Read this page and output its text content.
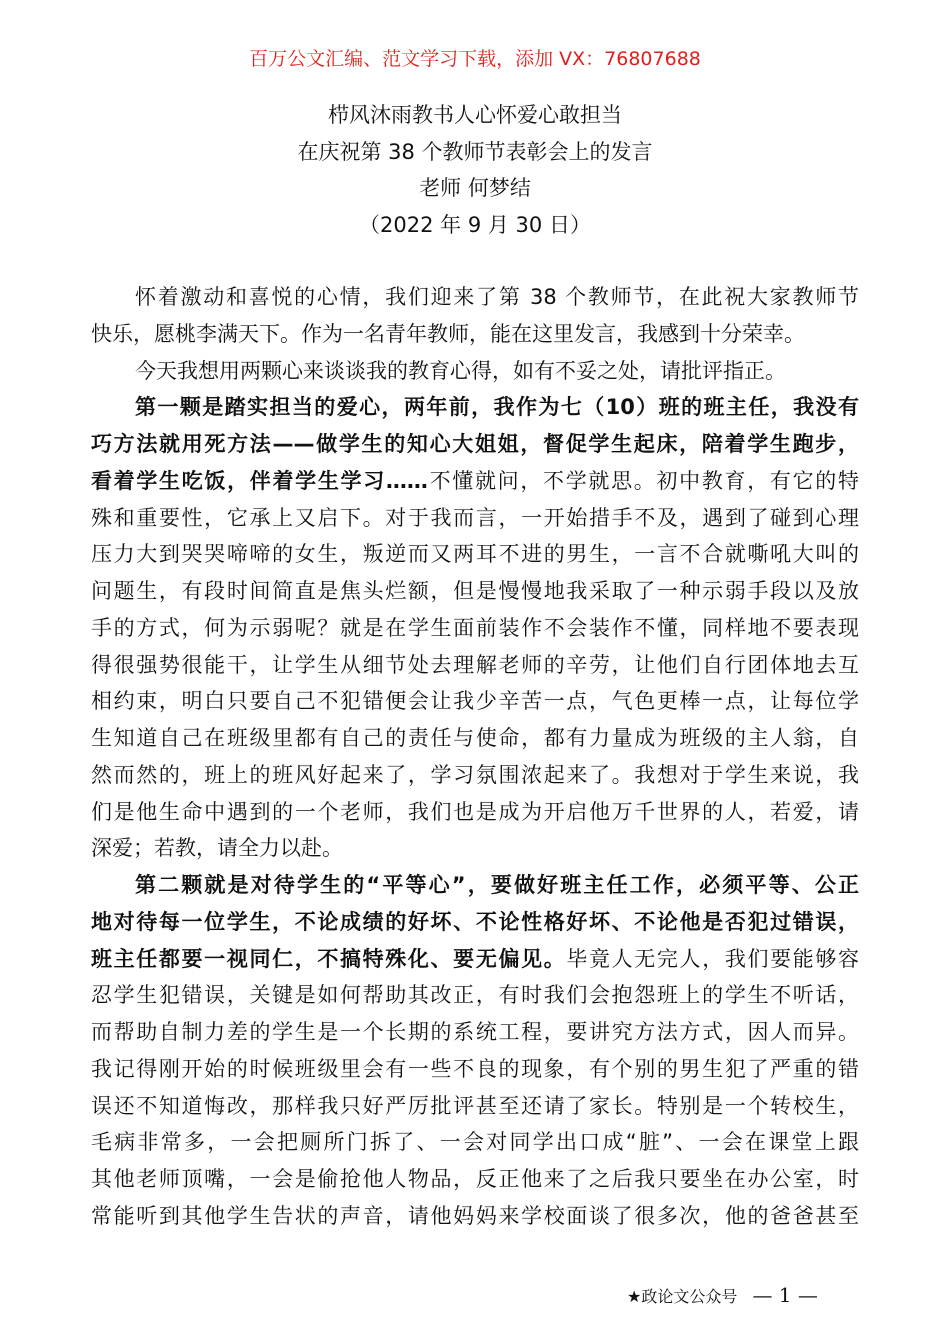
百万公文汇编、范文学习下载，添加 VX：76807688
栉风沐雨教书人心怀爱心敢担当
在庆祝第 38 个教师节表彰会上的发言
老师 何梦结
（2022 年 9 月 30 日）
怀着激动和喜悦的心情，我们迎来了第 38 个教师节，在此祝大家教师节
快乐，愿桃李满天下。作为一名青年教师，能在这里发言，我感到十分荣幸。
今天我想用两颗心来谈谈我的教育心得，如有不妥之处，请批评指正。
第一颗是踏实担当的爱心，两年前，我作为七（10）班的班主任，我没有
巧方法就用死方法——做学生的知心大姐姐，督促学生起床，陪着学生跑步，
看着学生吃饭，伴着学生学习……不懂就问，不学就思。初中教育，有它的特
殊和重要性，它承上又启下。对于我而言，一开始措手不及，遇到了碰到心理
压力大到哭哭啼啼的女生，叛逆而又两耳不进的男生，一言不合就嘶吼大叫的
问题生，有段时间简直是焦头烂额，但是慢慢地我采取了一种示弱手段以及放
手的方式，何为示弱呢？就是在学生面前装作不会装作不懂，同样地不要表现
得很强势很能干，让学生从细节处去理解老师的辛劳，让他们自行团体地去互
相约束，明白只要自己不犯错便会让我少辛苦一点，气色更棒一点，让每位学
生知道自己在班级里都有自己的责任与使命，都有力量成为班级的主人翁，自
然而然的，班上的班风好起来了，学习氛围浓起来了。我想对于学生来说，我
们是他生命中遇到的一个老师，我们也是成为开启他万千世界的人，若爱，请
深爱；若教，请全力以赴。
第二颗就是对待学生的“平等心”，要做好班主任工作，必须平等、公正
地对待每一位学生，不论成绩的好坏、不论性格好坏、不论他是否犯过错误，
班主任都要一视同仁，不搞特殊化、要无偏见。毕竟人无完人，我们要能够容
忍学生犯错误，关键是如何帮助其改正，有时我们会抱怨班上的学生不听话，
而帮助自制力差的学生是一个长期的系统工程，要讲究方法方式，因人而异。
我记得刚开始的时候班级里会有一些不良的现象，有个别的男生犯了严重的错
误还不知道悔改，那样我只好严厉批评甚至还请了家长。特别是一个转校生，
毛病非常多，一会把厕所门拆了、一会对同学出口成“脏”、一会在课堂上跟
其他老师顶嘴，一会是偷抢他人物品，反正他来了之后我只要坐在办公室，时
常能听到其他学生告状的声音，请他妈妈来学校面谈了很多次，他的爸爸甚至
★政论文公众号 — 1 —
